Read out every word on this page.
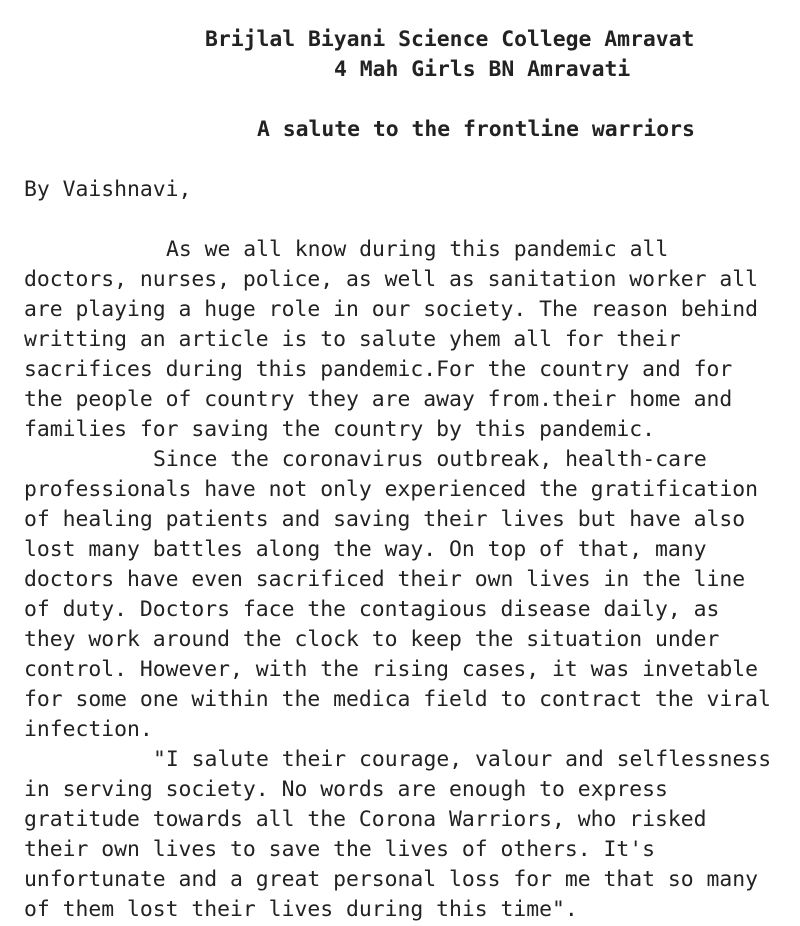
Brijlal Biyani Science College Amravat
4 Mah Girls BN Amravati
A salute to the frontline warriors
By Vaishnavi,
As we all know during this pandemic all
doctors, nurses, police, as well as sanitation worker all
are playing a huge role in our society. The reason behind
writting an article is to salute yhem all for their
sacrifices during this pandemic.For the country and for
the people of country they are away from.their home and
families for saving the country by this pandemic.
Since the coronavirus outbreak, health-care
professionals have not only experienced the gratification
of healing patients and saving their lives but have also
lost many battles along the way. On top of that, many
doctors have even sacrificed their own lives in the line
of duty. Doctors face the contagious disease daily, as
they work around the clock to keep the situation under
control. However, with the rising cases, it was invetable
for some one within the medica field to contract the viral
infection.
"I salute their courage, valour and selflessness
in serving society. No words are enough to express
gratitude towards all the Corona Warriors, who risked
their own lives to save the lives of others. It's
unfortunate and a great personal loss for me that so many
of them lost their lives during this time".
